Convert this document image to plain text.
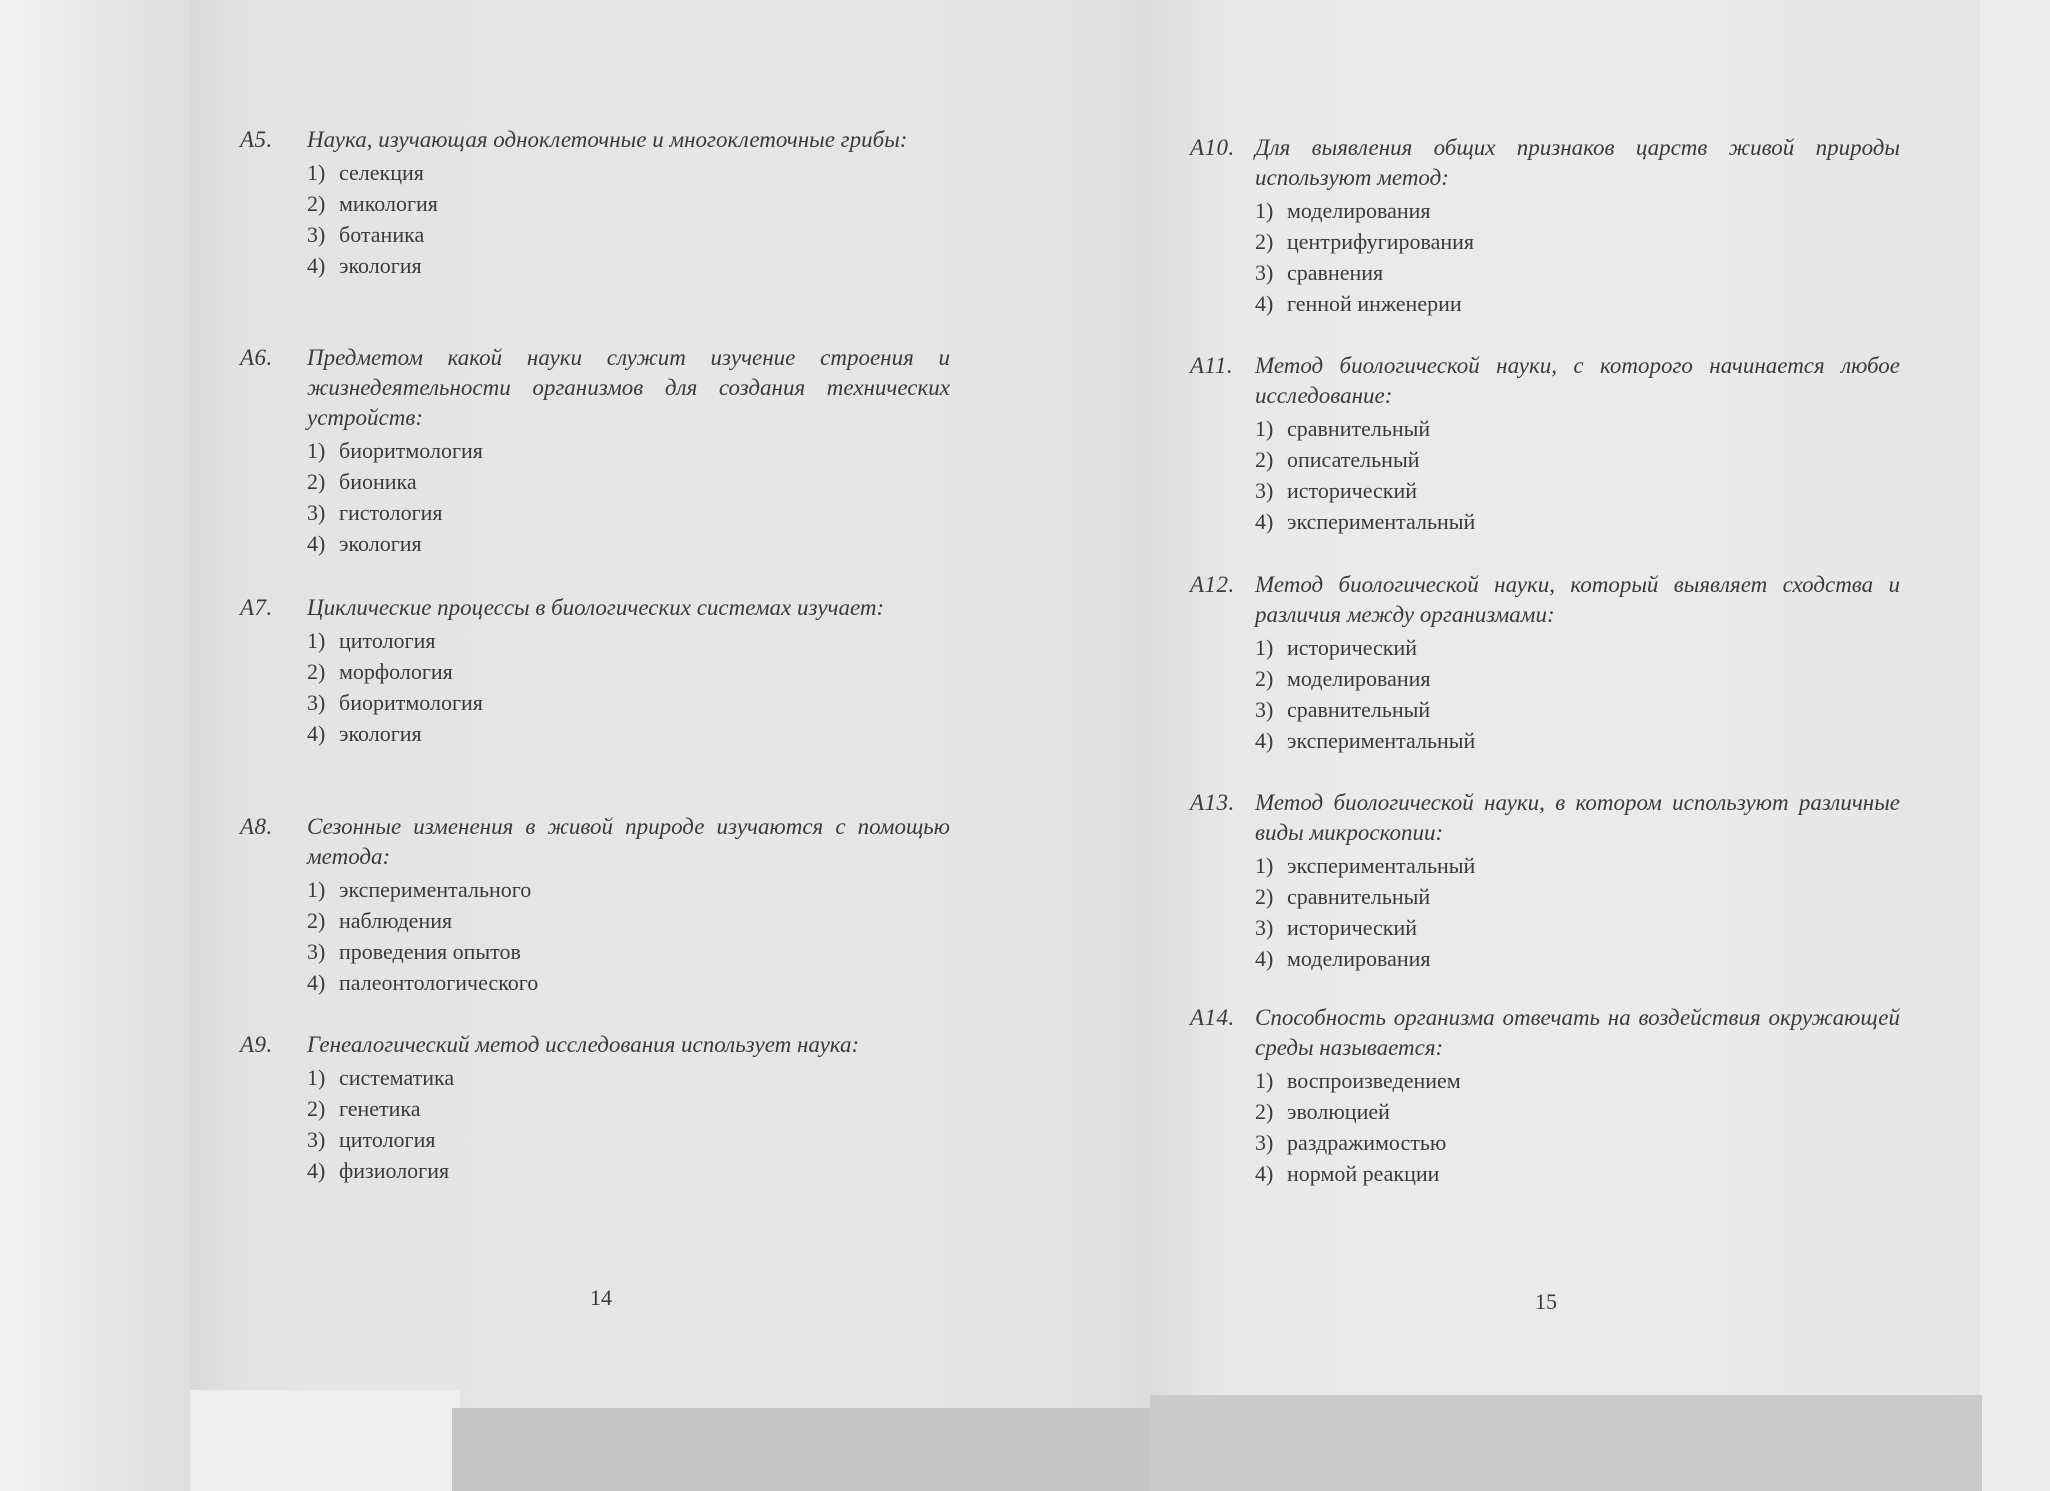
А5.	Наука, изучающая одноклеточные и многоклеточные грибы:
1) селекция
2) микология
3) ботаника
4) экология
А6.	Предметом какой науки служит изучение строения и жизнедеятельности организмов для создания технических устройств:
1) биоритмология
2) бионика
3) гистология
4) экология
А7.	Циклические процессы в биологических системах изучает:
1) цитология
2) морфология
3) биоритмология
4) экология
А8.	Сезонные изменения в живой природе изучаются с помощью метода:
1) экспериментального
2) наблюдения
3) проведения опытов
4) палеонтологического
А9.	Генеалогический метод исследования использует наука:
1) систематика
2) генетика
3) цитология
4) физиология
14
А10. Для выявления общих признаков царств живой природы используют метод:
1) моделирования
2) центрифугирования
3) сравнения
4) генной инженерии
А11. Метод биологической науки, с которого начинается любое исследование:
1) сравнительный
2) описательный
3) исторический
4) экспериментальный
А12. Метод биологической науки, который выявляет сходства и различия между организмами:
1) исторический
2) моделирования
3) сравнительный
4) экспериментальный
А13. Метод биологической науки, в котором используют различные виды микроскопии:
1) экспериментальный
2) сравнительный
3) исторический
4) моделирования
А14. Способность организма отвечать на воздействия окружающей среды называется:
1) воспроизведением
2) эволюцией
3) раздражимостью
4) нормой реакции
15
